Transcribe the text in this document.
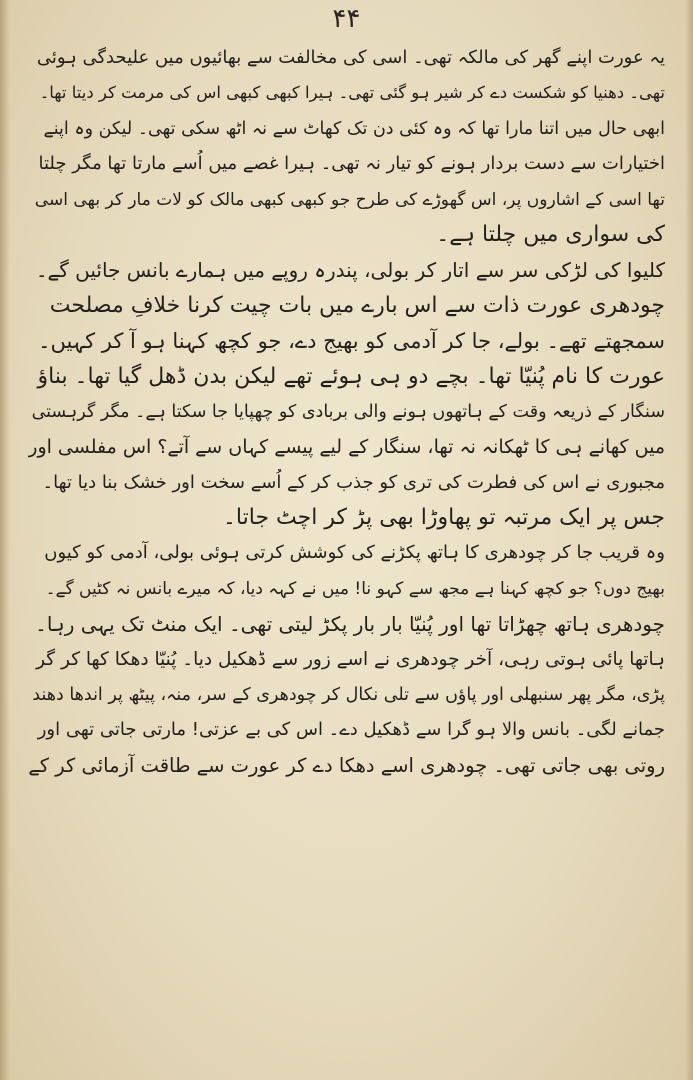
۴۴
یہ عورت اپنے گھر کی مالکہ تھی۔ اسی کی مخالفت سے بھائیوں میں علیحدگی ہوئی
تھی۔ دھنیا کو شکست دے کر شیر ہو گئی تھی۔ ہیرا کبھی کبھی اس کی مرمت کر دیتا تھا۔
ابھی حال میں اتنا مارا تھا کہ وہ کئی دن تک کھاٹ سے نہ اٹھ سکی تھی۔ لیکن وہ اپنے
اختیارات سے دست بردار ہونے کو تیار نہ تھی۔ ہیرا غصے میں اُسے مارتا تھا مگر چلتا
تھا اسی کے اشاروں پر، اس گھوڑے کی طرح جو کبھی کبھی مالک کو لات مار کر بھی اسی
کی سواری میں چلتا ہے۔
کلیوا کی لڑکی سر سے اتار کر بولی، پندرہ روپے میں ہمارے بانس جائیں گے۔
چودھری عورت ذات سے اس بارے میں بات چیت کرنا خلافِ مصلحت
سمجھتے تھے۔ بولے، جا کر آدمی کو بھیج دے، جو کچھ کہنا ہو آ کر کہیں۔
عورت کا نام پُنیّا تھا۔ بچے دو ہی ہوئے تھے لیکن بدن ڈھل گیا تھا۔ بناؤ
سنگار کے ذریعہ وقت کے ہاتھوں ہونے والی بربادی کو چھپایا جا سکتا ہے۔ مگر گرہستی
میں کھانے ہی کا ٹھکانہ نہ تھا، سنگار کے لیے پیسے کہاں سے آتے؟ اس مفلسی اور
مجبوری نے اس کی فطرت کی تری کو جذب کر کے اُسے سخت اور خشک بنا دیا تھا۔
جس پر ایک مرتبہ تو پھاوڑا بھی پڑ کر اچٹ جاتا۔
وہ قریب جا کر چودھری کا ہاتھ پکڑنے کی کوشش کرتی ہوئی بولی، آدمی کو کیوں
بھیج دوں؟ جو کچھ کہنا ہے مجھ سے کہو نا! میں نے کہہ دیا، کہ میرے بانس نہ کٹیں گے۔
چودھری ہاتھ چھڑاتا تھا اور پُنیّا بار بار پکڑ لیتی تھی۔ ایک منٹ تک یہی رہا۔
ہاتھا پائی ہوتی رہی، آخر چودھری نے اسے زور سے ڈھکیل دیا۔ پُنیّا دھکا کھا کر گر
پڑی، مگر پھر سنبھلی اور پاؤں سے تلی نکال کر چودھری کے سر، منہ، پیٹھ پر اندھا دھند
جمانے لگی۔ بانس والا ہو گرا سے ڈھکیل دے۔ اس کی بے عزتی! مارتی جاتی تھی اور
روتی بھی جاتی تھی۔ چودھری اسے دھکا دے کر عورت سے طاقت آزمائی کر کے
